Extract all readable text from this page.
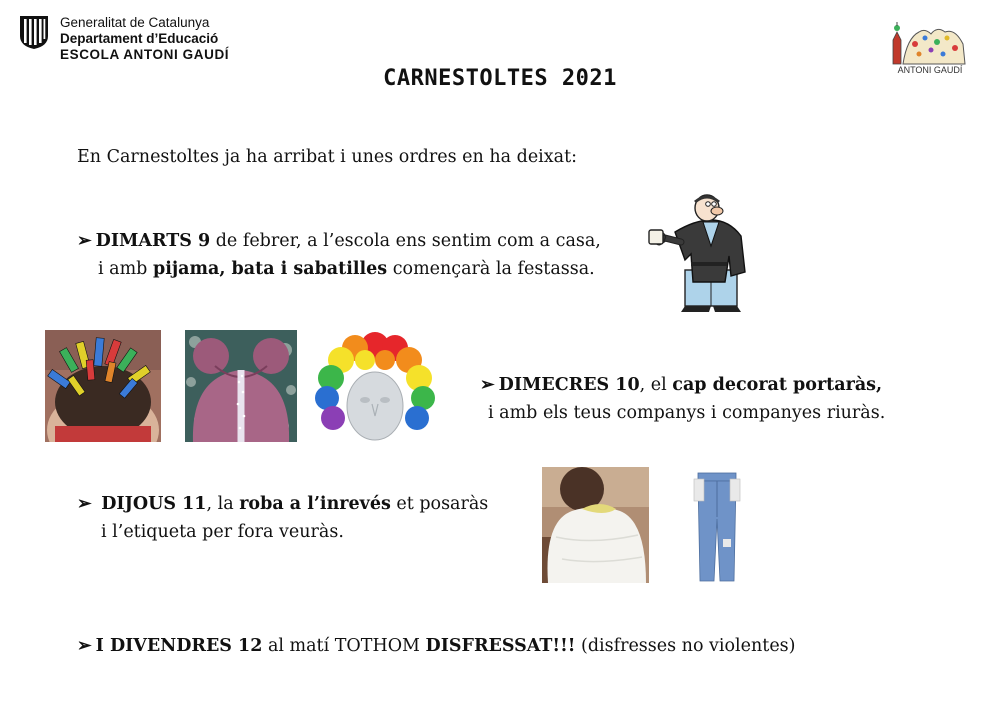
Generalitat de Catalunya
Departament d’Educació
ESCOLA ANTONI GAUDÍ
ANTONI GAUDÍ
CARNESTOLTES 2021
En Carnestoltes ja ha arribat i unes ordres en ha deixat:
➢ DIMARTS 9 de febrer, a l’escola ens sentim com a casa,
i amb pijama, bata i sabatilles començarà la festassa.
➢ DIMECRES 10, el cap decorat portaràs,
i amb els teus companys i companyes riuràs.
➢ DIJOUS 11, la roba a l’inrevés et posaràs
i l’etiqueta per fora veuràs.
➢ I DIVENDRES 12 al matí TOTHOM DISFRESSAT!!! (disfresses no violentes)
